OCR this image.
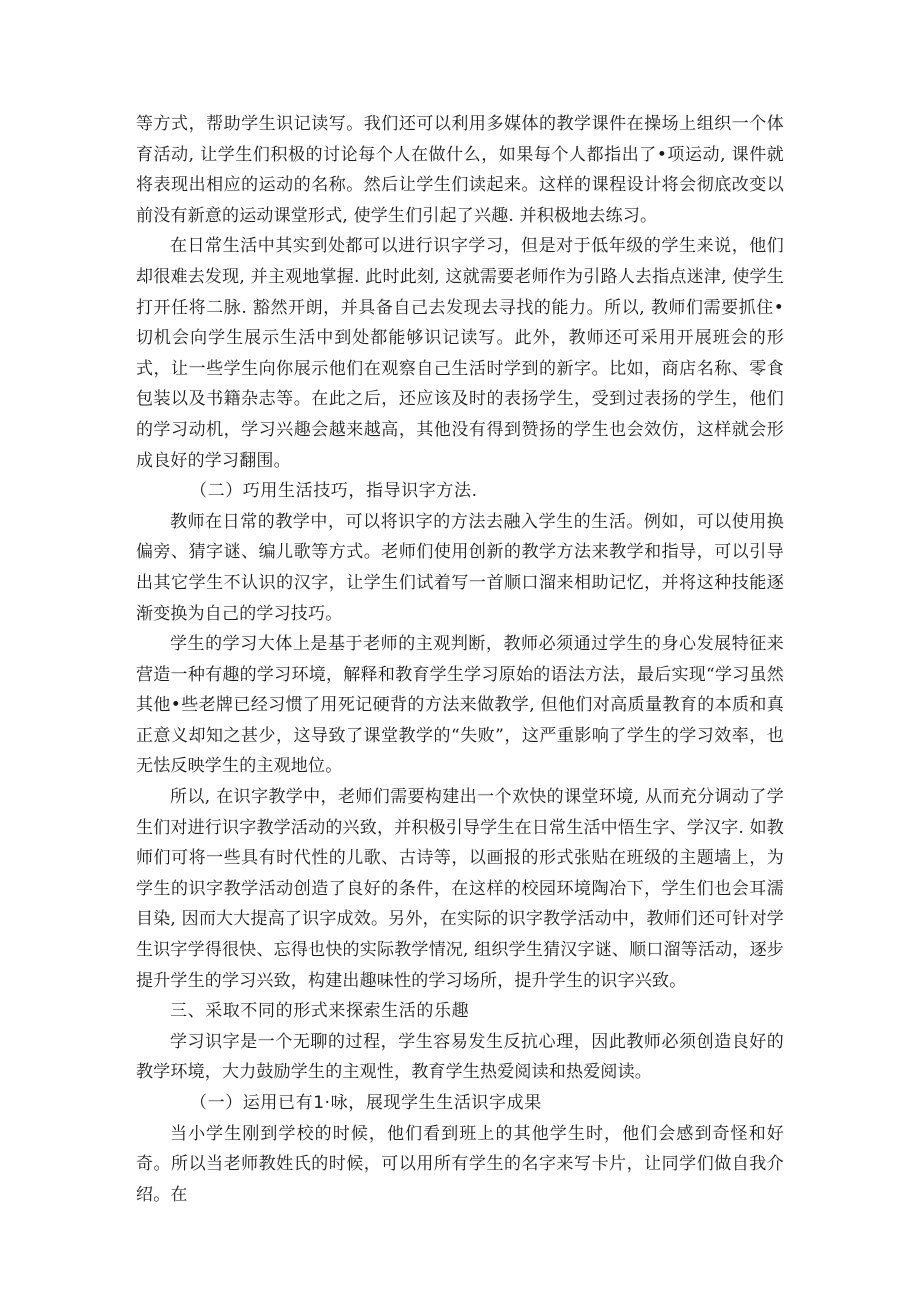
等方式，帮助学生识记读写。我们还可以利用多媒体的教学课件在操场上组织一个体育活动, 让学生们积极的讨论每个人在做什么，如果每个人都指出了•项运动, 课件就将表现出相应的运动的名称。然后让学生们读起来。这样的课程设计将会彻底改变以前没有新意的运动课堂形式, 使学生们引起了兴趣. 并积极地去练习。

在日常生活中其实到处都可以进行识字学习，但是对于低年级的学生来说，他们却很难去发现, 并主观地掌握. 此时此刻, 这就需要老师作为引路人去指点迷津, 使学生打开任将二脉. 豁然开朗，并具备自己去发现去寻找的能力。所以, 教师们需要抓住•切机会向学生展示生活中到处都能够识记读写。此外，教师还可采用开展班会的形式，让一些学生向你展示他们在观察自己生活时学到的新字。比如，商店名称、零食包装以及书籍杂志等。在此之后，还应该及时的表扬学生，受到过表扬的学生，他们的学习动机，学习兴趣会越来越高，其他没有得到赞扬的学生也会效仿，这样就会形成良好的学习翻围。

（二）巧用生活技巧，指导识字方法.

教师在日常的教学中，可以将识字的方法去融入学生的生活。例如，可以使用换偏旁、猜字谜、编儿歌等方式。老师们使用创新的教学方法来教学和指导，可以引导出其它学生不认识的汉字，让学生们试着写一首顺口溜来相助记忆，并将这种技能逐渐变换为自己的学习技巧。

学生的学习大体上是基于老师的主观判断，教师必须通过学生的身心发展特征来营造一种有趣的学习环境，解释和教育学生学习原始的语法方法，最后实现“学习虽然其他•些老牌已经习惯了用死记硬背的方法来做教学, 但他们对高质量教育的本质和真正意义却知之甚少，这导致了课堂教学的“失败”，这严重影响了学生的学习效率，也无怯反映学生的主观地位。

所以, 在识字教学中，老师们需要构建出一个欢快的课堂环境, 从而充分调动了学生们对进行识字教学活动的兴致，并积极引导学生在日常生活中悟生字、学汉字. 如教师们可将一些具有时代性的儿歌、古诗等，以画报的形式张贴在班级的主题墙上，为学生的识字教学活动创造了良好的条件，在这样的校园环境陶冶下，学生们也会耳濡目染, 因而大大提高了识字成效。另外，在实际的识字教学活动中，教师们还可针对学生识字学得很快、忘得也快的实际教学情况, 组织学生猜汉字谜、顺口溜等活动，逐步提升学生的学习兴致，构建出趣味性的学习场所，提升学生的识字兴致。

三、采取不同的形式来探索生活的乐趣

学习识字是一个无聊的过程，学生容易发生反抗心理，因此教师必须创造良好的教学环境，大力鼓励学生的主观性，教育学生热爱阅读和热爱阅读。

（一）运用已有1·咏，展现学生生活识字成果

当小学生刚到学校的时候，他们看到班上的其他学生时，他们会感到奇怪和好奇。所以当老师教姓氏的时候，可以用所有学生的名字来写卡片，让同学们做自我介绍。在
